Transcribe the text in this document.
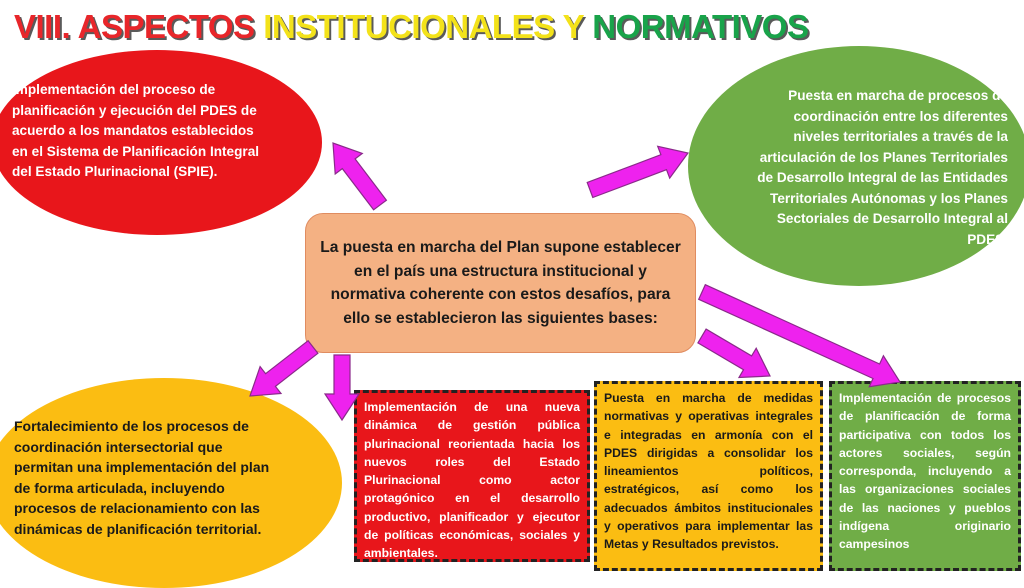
VIII. ASPECTOS INSTITUCIONALES Y NORMATIVOS
Implementación del proceso de planificación y ejecución del PDES de acuerdo a los mandatos establecidos en el Sistema de Planificación Integral del Estado Plurinacional (SPIE).
Puesta en marcha de procesos de coordinación entre los diferentes niveles territoriales a través de la articulación de los Planes Territoriales de Desarrollo Integral de las Entidades Territoriales Autónomas y los Planes Sectoriales de Desarrollo Integral al PDES.
Fortalecimiento de los procesos de coordinación intersectorial que permitan una implementación del plan de forma articulada, incluyendo procesos de relacionamiento con las dinámicas de planificación territorial.
La puesta en marcha del Plan supone establecer en el país una estructura institucional y normativa coherente con estos desafíos, para ello se establecieron las siguientes bases:
Implementación de una nueva dinámica de gestión pública plurinacional reorientada hacia los nuevos roles del Estado Plurinacional como actor protagónico en el desarrollo productivo, planificador y ejecutor de políticas económicas, sociales y ambientales.
Puesta en marcha de medidas normativas y operativas integrales e integradas en armonía con el PDES dirigidas a consolidar los lineamientos políticos, estratégicos, así como los adecuados ámbitos institucionales y operativos para implementar las Metas y Resultados previstos.
Implementación de procesos de planificación de forma participativa con todos los actores sociales, según corresponda, incluyendo a las organizaciones sociales de las naciones y pueblos indígena originario campesinos
